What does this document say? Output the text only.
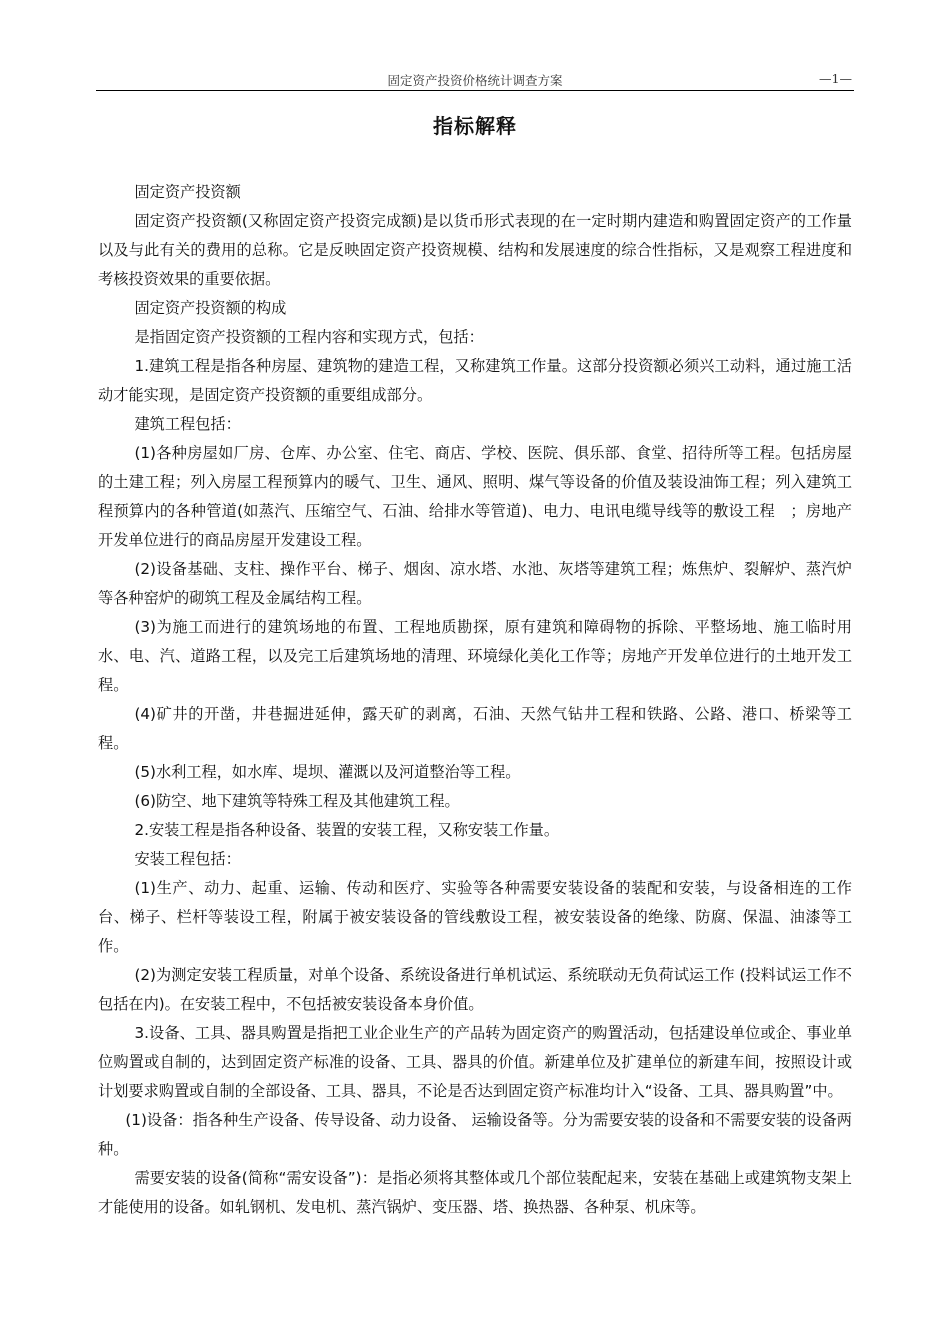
固定资产投资价格统计调查方案	—1—
指标解释

固定资产投资额

固定资产投资额(又称固定资产投资完成额)是以货币形式表现的在一定时期内建造和购置固定资产的工作量以及与此有关的费用的总称。它是反映固定资产投资规模、结构和发展速度的综合性指标，又是观察工程进度和考核投资效果的重要依据。

固定资产投资额的构成

是指固定资产投资额的工程内容和实现方式，包括：

1.建筑工程是指各种房屋、建筑物的建造工程，又称建筑工作量。这部分投资额必须兴工动料，通过施工活动才能实现，是固定资产投资额的重要组成部分。

建筑工程包括：

(1)各种房屋如厂房、仓库、办公室、住宅、商店、学校、医院、俱乐部、食堂、招待所等工程。包括房屋的土建工程；列入房屋工程预算内的暖气、卫生、通风、照明、煤气等设备的价值及装设油饰工程；列入建筑工程预算内的各种管道(如蒸汽、压缩空气、石油、给排水等管道)、电力、电讯电缆导线等的敷设工程　；房地产开发单位进行的商品房屋开发建设工程。

(2)设备基础、支柱、操作平台、梯子、烟囱、凉水塔、水池、灰塔等建筑工程；炼焦炉、裂解炉、蒸汽炉等各种窑炉的砌筑工程及金属结构工程。

(3)为施工而进行的建筑场地的布置、工程地质勘探，原有建筑和障碍物的拆除、平整场地、施工临时用水、电、汽、道路工程，以及完工后建筑场地的清理、环境绿化美化工作等；房地产开发单位进行的土地开发工程。

(4)矿井的开凿，井巷掘进延伸，露天矿的剥离，石油、天然气钻井工程和铁路、公路、港口、桥梁等工程。

(5)水利工程，如水库、堤坝、灌溉以及河道整治等工程。

(6)防空、地下建筑等特殊工程及其他建筑工程。

2.安装工程是指各种设备、装置的安装工程，又称安装工作量。

安装工程包括：

(1)生产、动力、起重、运输、传动和医疗、实验等各种需要安装设备的装配和安装，与设备相连的工作台、梯子、栏杆等装设工程，附属于被安装设备的管线敷设工程，被安装设备的绝缘、防腐、保温、油漆等工作。

(2)为测定安装工程质量，对单个设备、系统设备进行单机试运、系统联动无负荷试运工作 (投料试运工作不包括在内)。在安装工程中，不包括被安装设备本身价值。

3.设备、工具、器具购置是指把工业企业生产的产品转为固定资产的购置活动，包括建设单位或企、事业单位购置或自制的，达到固定资产标准的设备、工具、器具的价值。新建单位及扩建单位的新建车间，按照设计或计划要求购置或自制的全部设备、工具、器具，不论是否达到固定资产标准均计入“设备、工具、器具购置”中。

(1)设备：指各种生产设备、传导设备、动力设备、 运输设备等。分为需要安装的设备和不需要安装的设备两种。

需要安装的设备(简称“需安设备”)：是指必须将其整体或几个部位装配起来，安装在基础上或建筑物支架上才能使用的设备。如轧钢机、发电机、蒸汽锅炉、变压器、塔、换热器、各种泵、机床等。
